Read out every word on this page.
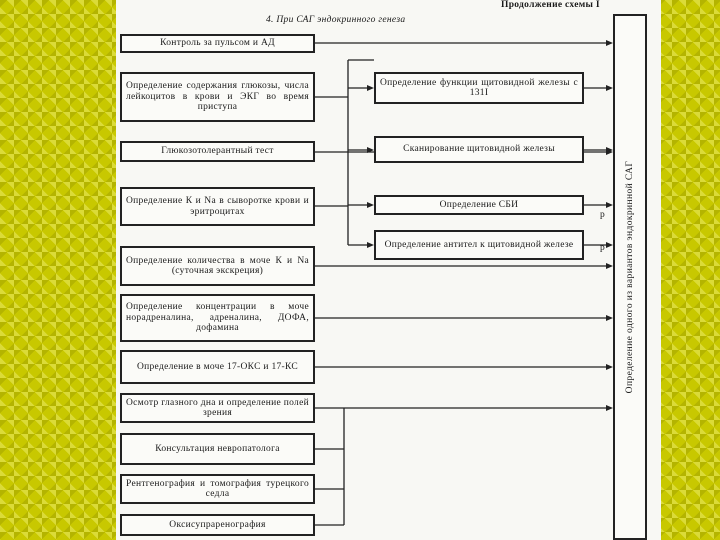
Продолжение схемы I
4. При САГ эндокринного генеза
Контроль за пульсом и АД
Определение содержания глюкозы, числа лейкоцитов в крови и ЭКГ во время приступа
Глюкозотолерантный тест
Определение К и Na в сыворотке крови и эритроцитах
Определение количества в моче К и Na (суточная экскреция)
Определение концентрации в моче норадреналина, адреналина, ДОФА, дофамина
Определение в моче 17-ОКС и 17-КС
Осмотр глазного дна и определение полей зрения
Консультация невропатолога
Рентгенография и томография турецкого седла
Оксисупраренография
Определение функции щитовидной железы с 131I
Сканирование щитовидной железы
Определение СБИ
Определение антител к щитовидной железе	Определение одного из вариантов эндокринной САГ
р
р
